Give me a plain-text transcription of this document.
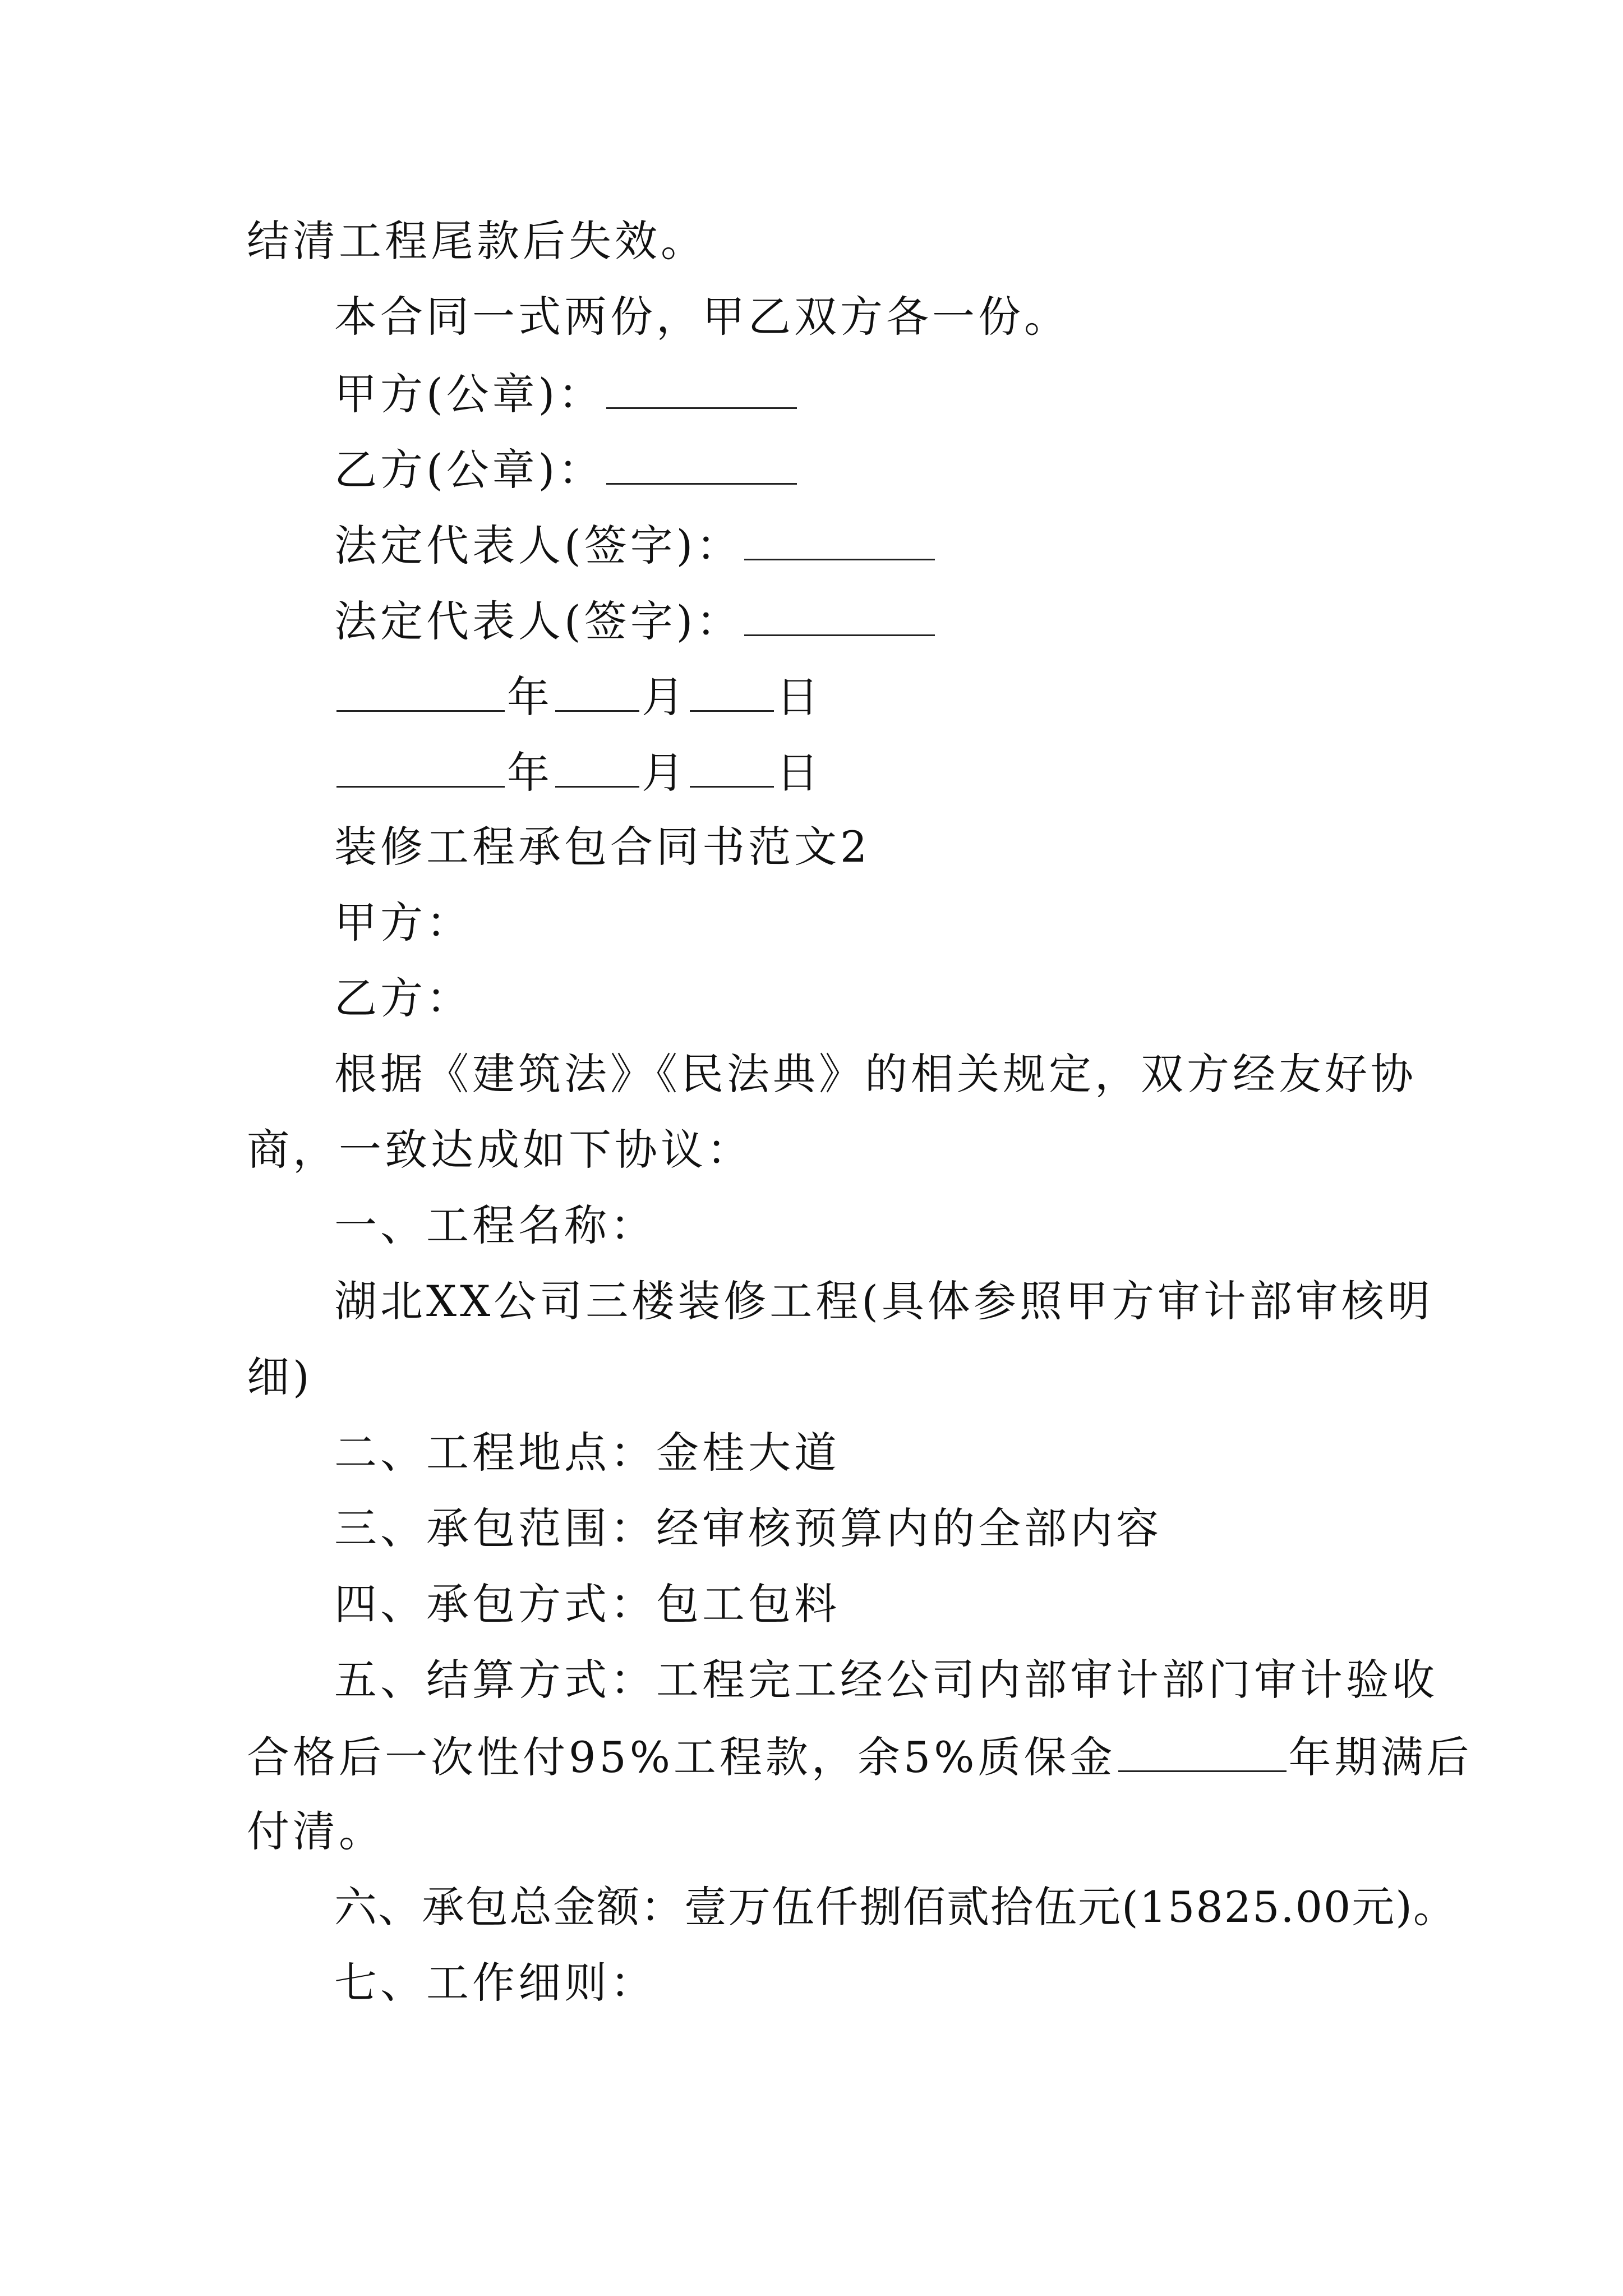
结清工程尾款后失效。
本合同一式两份，甲乙双方各一份。
甲方(公章)：
乙方(公章)：
法定代表人(签字)：
法定代表人(签字)：
年 月 日
年 月 日
装修工程承包合同书范文2
甲方：
乙方：
根据《建筑法》《民法典》的相关规定，双方经友好协
商，一致达成如下协议：
一、工程名称：
湖北XX公司三楼装修工程(具体参照甲方审计部审核明
细)
二、工程地点：金桂大道
三、承包范围：经审核预算内的全部内容
四、承包方式：包工包料
五、结算方式：工程完工经公司内部审计部门审计验收
合格后一次性付95%工程款，余5%质保金	年期满后
付清。
六、承包总金额：壹万伍仟捌佰贰拾伍元(15825.00元)。
七、工作细则：
